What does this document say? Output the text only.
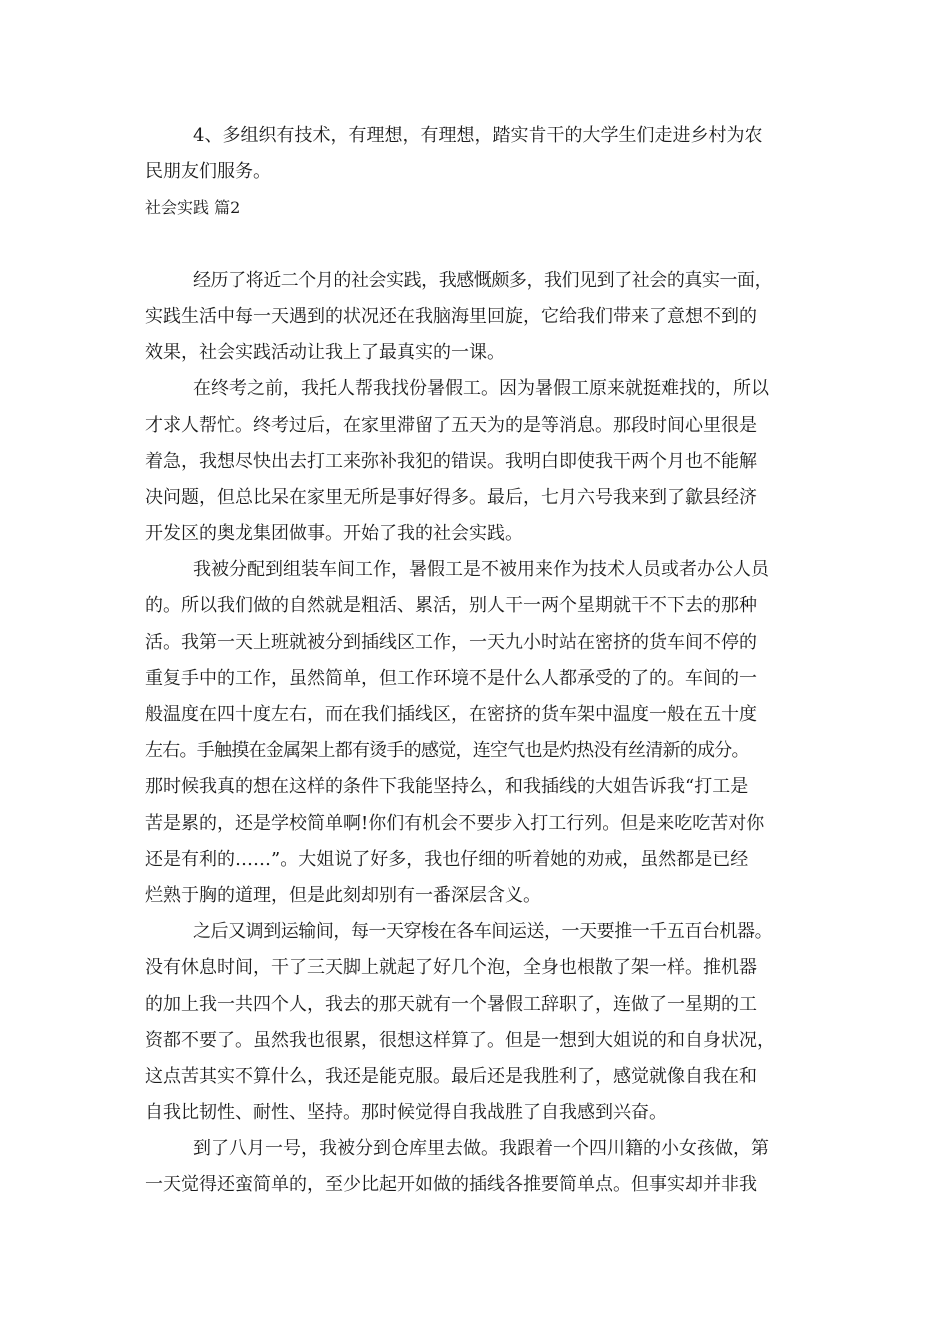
4、多组织有技术，有理想，有理想，踏实肯干的大学生们走进乡村为农
民朋友们服务。
社会实践 篇2
经历了将近二个月的社会实践，我感慨颇多，我们见到了社会的真实一面，
实践生活中每一天遇到的状况还在我脑海里回旋，它给我们带来了意想不到的
效果，社会实践活动让我上了最真实的一课。
在终考之前，我托人帮我找份暑假工。因为暑假工原来就挺难找的，所以
才求人帮忙。终考过后，在家里滞留了五天为的是等消息。那段时间心里很是
着急，我想尽快出去打工来弥补我犯的错误。我明白即使我干两个月也不能解
决问题，但总比呆在家里无所是事好得多。最后，七月六号我来到了歙县经济
开发区的奥龙集团做事。开始了我的社会实践。
我被分配到组装车间工作，暑假工是不被用来作为技术人员或者办公人员
的。所以我们做的自然就是粗活、累活，别人干一两个星期就干不下去的那种
活。我第一天上班就被分到插线区工作，一天九小时站在密挤的货车间不停的
重复手中的工作，虽然简单，但工作环境不是什么人都承受的了的。车间的一
般温度在四十度左右，而在我们插线区，在密挤的货车架中温度一般在五十度
左右。手触摸在金属架上都有烫手的感觉，连空气也是灼热没有丝清新的成分。
那时候我真的想在这样的条件下我能坚持么，和我插线的大姐告诉我“打工是
苦是累的，还是学校简单啊!你们有机会不要步入打工行列。但是来吃吃苦对你
还是有利的……”。大姐说了好多，我也仔细的听着她的劝戒，虽然都是已经
烂熟于胸的道理，但是此刻却别有一番深层含义。
之后又调到运输间，每一天穿梭在各车间运送，一天要推一千五百台机器。
没有休息时间，干了三天脚上就起了好几个泡，全身也根散了架一样。推机器
的加上我一共四个人，我去的那天就有一个暑假工辞职了，连做了一星期的工
资都不要了。虽然我也很累，很想这样算了。但是一想到大姐说的和自身状况，
这点苦其实不算什么，我还是能克服。最后还是我胜利了，感觉就像自我在和
自我比韧性、耐性、坚持。那时候觉得自我战胜了自我感到兴奋。
到了八月一号，我被分到仓库里去做。我跟着一个四川籍的小女孩做，第
一天觉得还蛮简单的，至少比起开如做的插线各推要简单点。但事实却并非我
